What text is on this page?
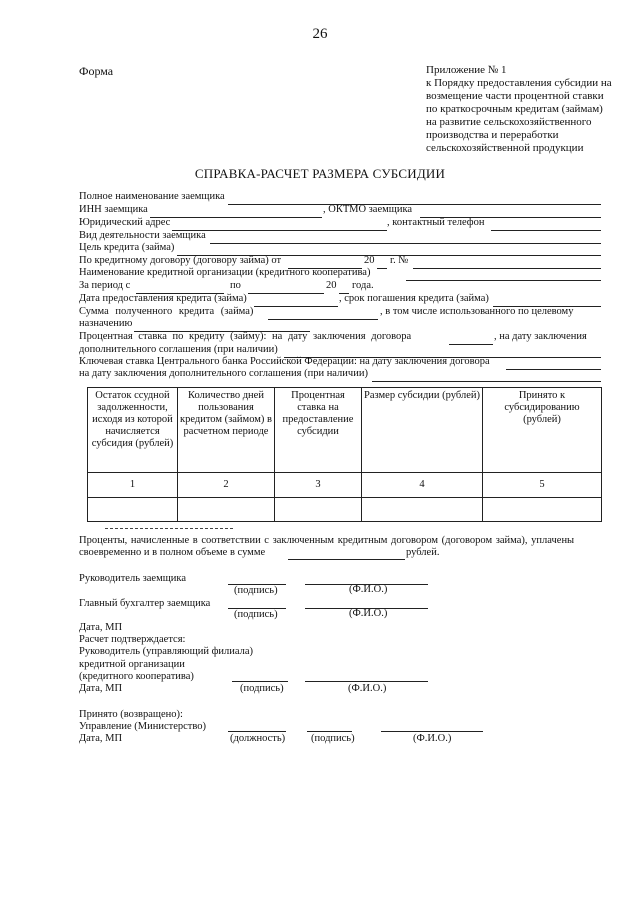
26
Форма	Приложение № 1
к Порядку предоставления субсидии на
возмещение части процентной ставки
по краткосрочным кредитам (займам)
на развитие сельскохозяйственного
производства и переработки
сельскохозяйственной продукции
СПРАВКА-РАСЧЕТ РАЗМЕРА СУБСИДИИ
Полное наименование заемщика
ИНН заемщика	, ОКТМО заемщика
Юридический адрес	, контактный телефон
Вид деятельности заемщика
Цель кредита (займа)
По кредитному договору (договору займа) от	20 г. №
Наименование кредитной организации (кредитного кооператива)
За период с	по	20 года.
Дата предоставления кредита (займа)	, срок погашения кредита (займа)
Сумма полученного кредита (займа)	, в том числе использованного по целевому
назначению
Процентная ставка по кредиту (займу): на дату заключения договора	, на дату заключения
дополнительного соглашения (при наличии)
Ключевая ставка Центрального банка Российской Федерации: на дату заключения договора
на дату заключения дополнительного соглашения (при наличии)
Остаток ссудной задолженности, исходя из которой начисляется субсидия (рублей)	Количество дней пользования кредитом (займом) в расчетном периоде	Процентная ставка на предоставление субсидии	Размер субсидии (рублей)	Принято к субсидированию (рублей)
1	2	3	4	5

Проценты, начисленные в соответствии с заключенным кредитным договором (договором займа), уплачены
своевременно и в полном объеме в сумме	рублей.
Руководитель заемщика
(подпись)	(Ф.И.О.)
Главный бухгалтер заемщика
(подпись)	(Ф.И.О.)
Дата, МП
Расчет подтверждается:
Руководитель (управляющий филиала)
кредитной организации
(кредитного кооператива)
Дата, МП	(подпись)	(Ф.И.О.)
Принято (возвращено):
Управление (Министерство)
Дата, МП	(должность) (подпись)	(Ф.И.О.)
